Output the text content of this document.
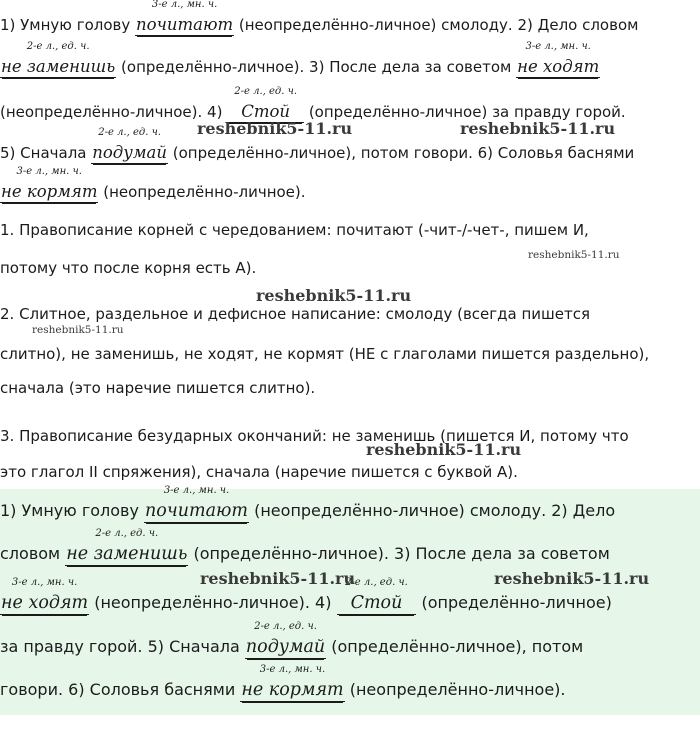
1) Умную голову
3-е л., мн. ч.
почитают (неопределённо-личное) смолоду. 2) Дело словом
2-е л., ед. ч.
не заменишь (определённо-личное). 3) После дела за советом
3-е л., мн. ч.
не ходят
(неопределённо-личное). 4)
2-е л., ед. ч.
Стой (определённо-личное) за правду горой.
5) Сначала
2-е л., ед. ч.
подумай (определённо-личное), потом говори. 6) Соловья баснями
3-е л., мн. ч.
не кормят (неопределённо-личное).
1. Правописание корней с чередованием: почитают (-чит-/-чет-, пишем И,
потому что после корня есть А).
2. Слитное, раздельное и дефисное написание: смолоду (всегда пишется
слитно), не заменишь, не ходят, не кормят (НЕ с глаголами пишется раздельно),
сначала (это наречие пишется слитно).
3. Правописание безударных окончаний: не заменишь (пишется И, потому что
это глагол II спряжения), сначала (наречие пишется с буквой А).
1) Умную голову
3-е л., мн. ч.
почитают (неопределённо-личное) смолоду. 2) Дело
словом
2-е л., ед. ч.
не заменишь (определённо-личное). 3) После дела за советом
3-е л., мн. ч.
не ходят (неопределённо-личное). 4)
2-е л., ед. ч.
Стой (определённо-личное)
за правду горой. 5) Сначала
2-е л., ед. ч.
подумай (определённо-личное), потом
говори. 6) Соловья баснями
3-е л., мн. ч.
не кормят (неопределённо-личное).
reshebnik5-11.ru	reshebnik5-11.ru
reshebnik5-11.ru
reshebnik5-11.ru
reshebnik5-11.ru
reshebnik5-11.ru
reshebnik5-11.ru	reshebnik5-11.ru
